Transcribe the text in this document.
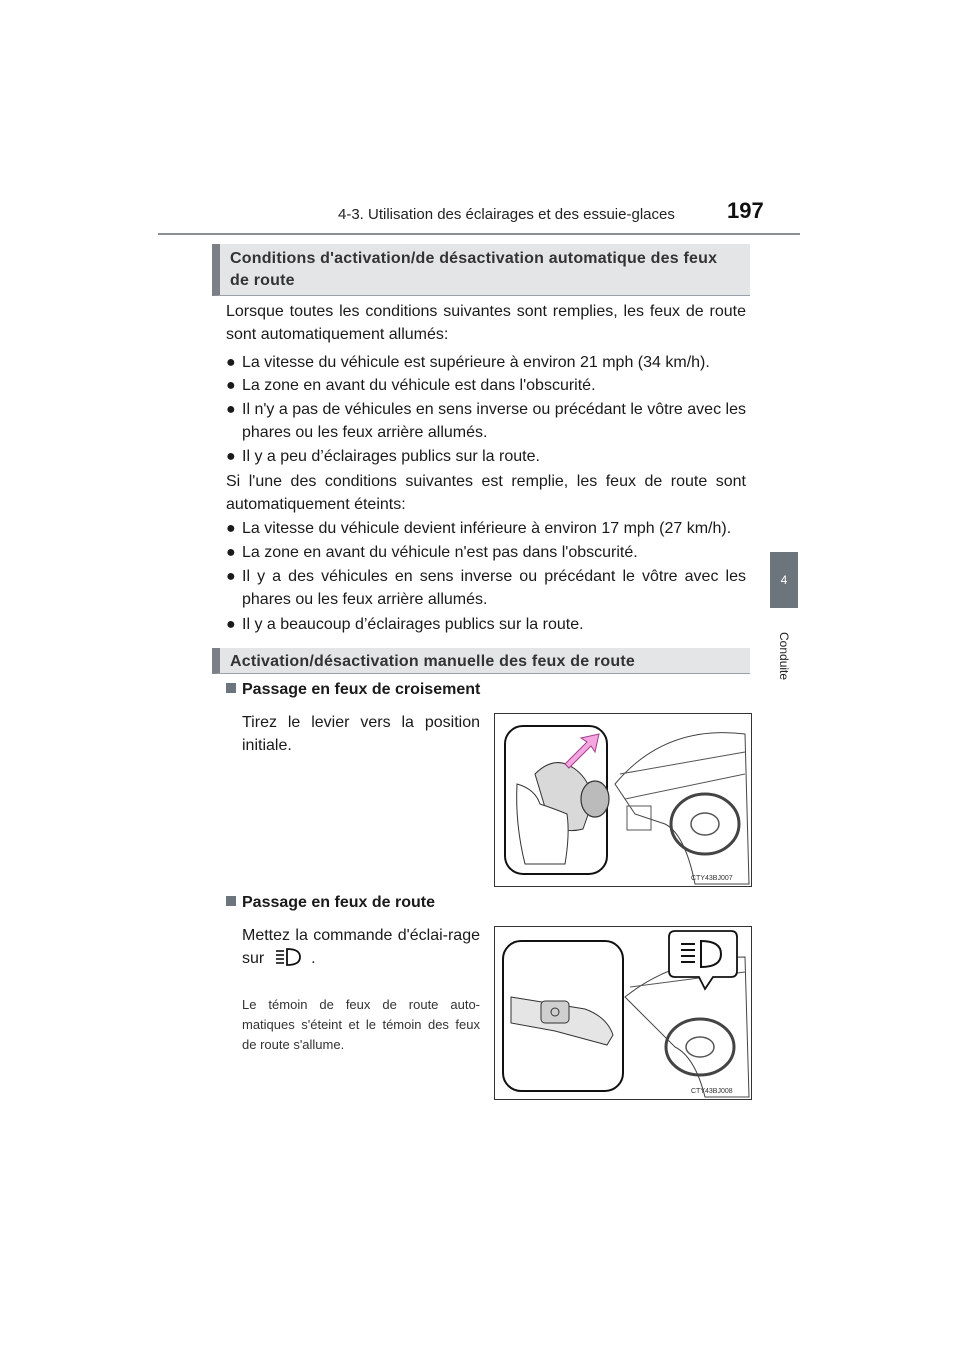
4-3. Utilisation des éclairages et des essuie-glaces 197
4
Conduite
Conditions d'activation/de désactivation automatique des feux de route
Lorsque toutes les conditions suivantes sont remplies, les feux de route sont automatiquement allumés:
● La vitesse du véhicule est supérieure à environ 21 mph (34 km/h).
● La zone en avant du véhicule est dans l'obscurité.
● Il n'y a pas de véhicules en sens inverse ou précédant le vôtre avec les phares ou les feux arrière allumés.
● Il y a peu d’éclairages publics sur la route.
Si l'une des conditions suivantes est remplie, les feux de route sont automatiquement éteints:
● La vitesse du véhicule devient inférieure à environ 17 mph (27 km/h).
● La zone en avant du véhicule n'est pas dans l'obscurité.
● Il y a des véhicules en sens inverse ou précédant le vôtre avec les phares ou les feux arrière allumés.
● Il y a beaucoup d’éclairages publics sur la route.
Activation/désactivation manuelle des feux de route
Passage en feux de croisement
Tirez le levier vers la position initiale.
CTY43BJ007
Passage en feux de route
Mettez la commande d'éclai-rage sur	.
Le témoin de feux de route auto-matiques s'éteint et le témoin des feux de route s'allume.
CTY43BJ008
